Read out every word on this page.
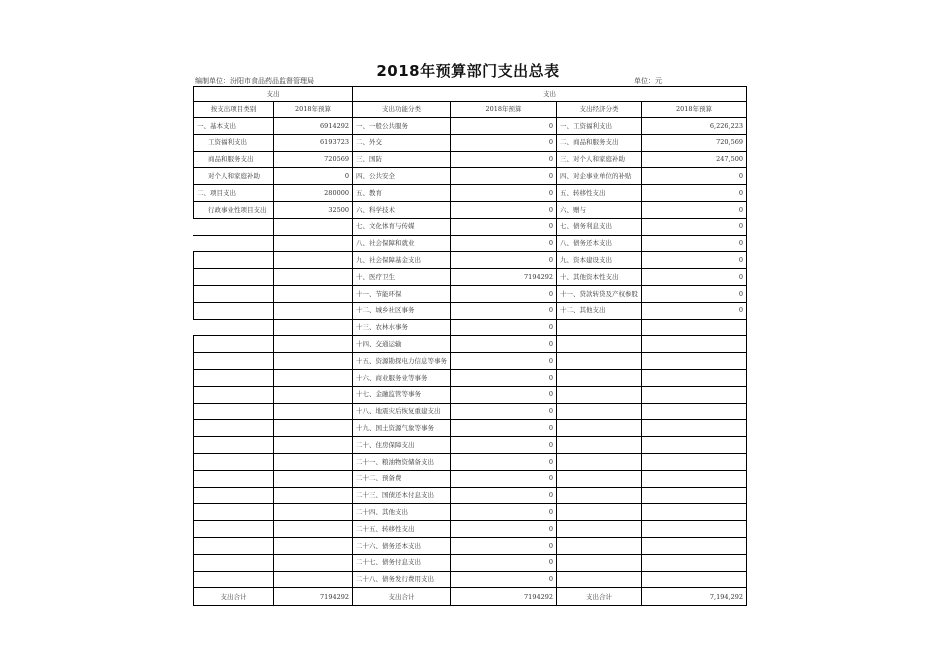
2018年预算部门支出总表
编制单位：汾阳市食品药品监督管理局	单位：元
支出		支出			
按支出项目类别	2018年预算	支出功能分类	2018年预算	支出经济分类	2018年预算
一、基本支出	6914292	一、一般公共服务	0	一、工资福利支出	6,226,223
工资福利支出	6193723	二、外交	0	二、商品和服务支出	720,569
商品和服务支出	720569	三、国防	0	三、对个人和家庭补助	247,500
对个人和家庭补助	0	四、公共安全	0	四、对企事业单位的补贴	0
二、项目支出	280000	五、教育	0	五、转移性支出	0
行政事业性项目支出	32500	六、科学技术	0	六、赠与	0
		七、文化体育与传媒	0	七、债务利息支出	0
		八、社会保障和就业	0	八、债务还本支出	0
		九、社会保障基金支出	0	九、资本建设支出	0
		十、医疗卫生	7194292	十、其他资本性支出	0
		十一、节能环保	0	十一、贷款转贷及产权参股	0
		十二、城乡社区事务	0	十二、其他支出	0
		十三、农林水事务	0		
		十四、交通运输	0		
		十五、资源勘探电力信息等事务	0		
		十六、商业服务业等事务	0		
		十七、金融监管等事务	0		
		十八、地震灾后恢复重建支出	0		
		十九、国土资源气象等事务	0		
		二十、住房保障支出	0		
		二十一、粮油物资储备支出	0		
		二十二、预备费	0		
		二十三、国债还本付息支出	0		
		二十四、其他支出	0		
		二十五、转移性支出	0		
		二十六、债务还本支出	0		
		二十七、债务付息支出	0		
		二十八、债务发行费用支出	0		
支出合计	7194292	支出合计	7194292	支出合计	7,194,292
